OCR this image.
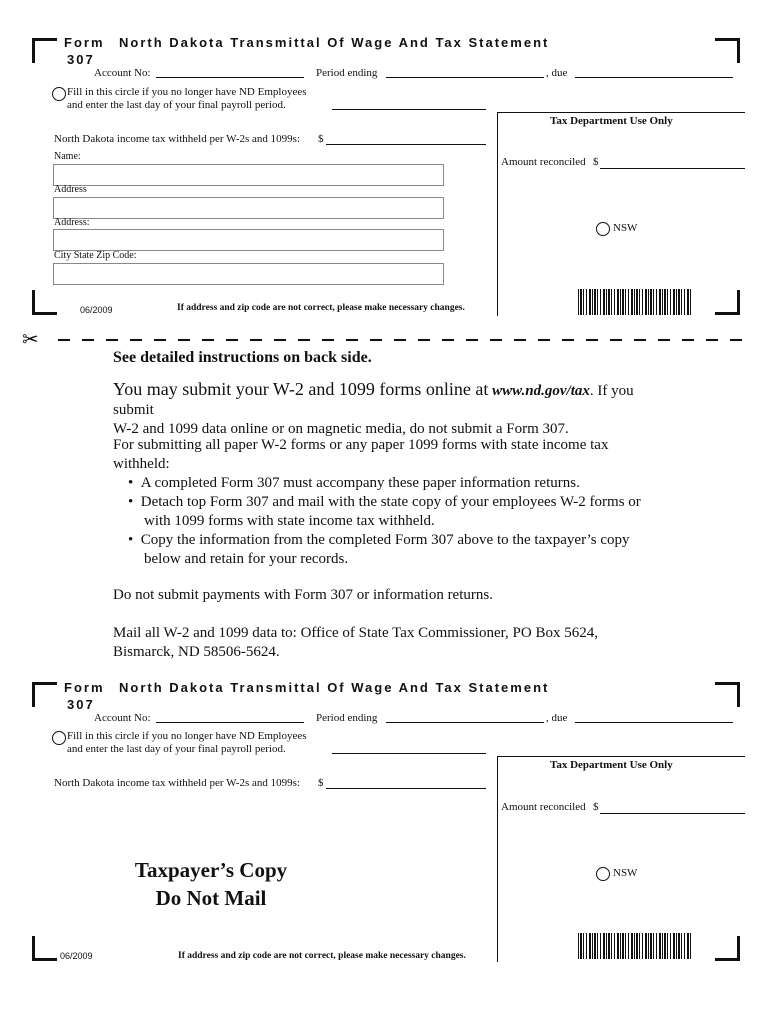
Form North Dakota Transmittal Of Wage And Tax Statement
307
Account No:	Period ending	, due
Fill in this circle if you no longer have ND Employees
and enter the last day of your final payroll period.
Tax Department Use Only
North Dakota income tax withheld per W-2s and 1099s: $
Amount reconciled $
Name:
Address
Address:
City State Zip Code:
NSW
06/2009	If address and zip code are not correct, please make necessary changes.
✂
See detailed instructions on back side.
You may submit your W-2 and 1099 forms online at www.nd.gov/tax. If you submit
W-2 and 1099 data online or on magnetic media, do not submit a Form 307.
For submitting all paper W-2 forms or any paper 1099 forms with state income tax
withheld:
•  A completed Form 307 must accompany these paper information returns.
•  Detach top Form 307 and mail with the state copy of your employees W-2 forms or
with 1099 forms with state income tax withheld.
•  Copy the information from the completed Form 307 above to the taxpayer’s copy
below and retain for your records.
Do not submit payments with Form 307 or information returns.
Mail all W-2 and 1099 data to: Office of State Tax Commissioner, PO Box 5624,
Bismarck, ND 58506-5624.
Form North Dakota Transmittal Of Wage And Tax Statement
307
Account No:	Period ending	, due
Fill in this circle if you no longer have ND Employees
and enter the last day of your final payroll period.
Tax Department Use Only
North Dakota income tax withheld per W-2s and 1099s: $
Amount reconciled $
Taxpayer’s Copy
Do Not Mail
NSW
06/2009	If address and zip code are not correct, please make necessary changes.
